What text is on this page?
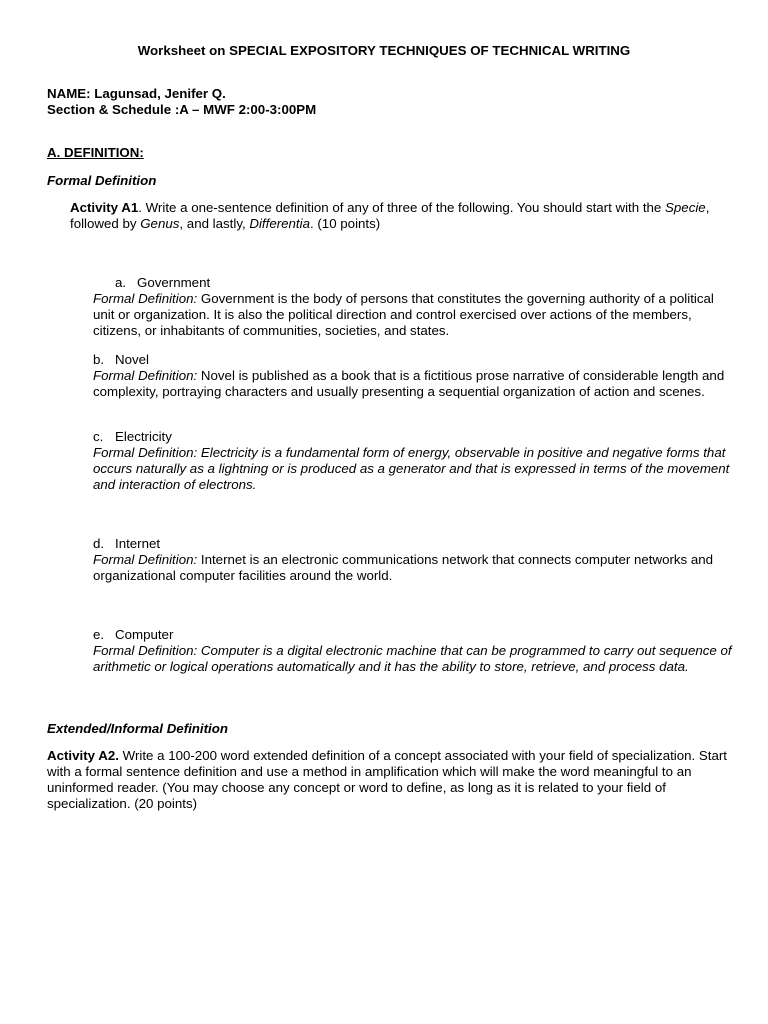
Worksheet on SPECIAL EXPOSITORY TECHNIQUES OF TECHNICAL WRITING
NAME: Lagunsad, Jenifer Q.
Section & Schedule :A – MWF 2:00-3:00PM
A. DEFINITION:
Formal Definition
Activity A1. Write a one-sentence definition of any of three of the following. You should start with the Specie, followed by Genus, and lastly, Differentia. (10 points)
a. Government
Formal Definition: Government is the body of persons that constitutes the governing authority of a political unit or organization. It is also the political direction and control exercised over actions of the members, citizens, or inhabitants of communities, societies, and states.
b. Novel
Formal Definition: Novel is published as a book that is a fictitious prose narrative of considerable length and complexity, portraying characters and usually presenting a sequential organization of action and scenes.
c. Electricity
Formal Definition: Electricity is a fundamental form of energy, observable in positive and negative forms that occurs naturally as a lightning or is produced as a generator and that is expressed in terms of the movement and interaction of electrons.
d. Internet
Formal Definition: Internet is an electronic communications network that connects computer networks and organizational computer facilities around the world.
e. Computer
Formal Definition: Computer is a digital electronic machine that can be programmed to carry out sequence of arithmetic or logical operations automatically and it has the ability to store, retrieve, and process data.
Extended/Informal Definition
Activity A2. Write a 100-200 word extended definition of a concept associated with your field of specialization. Start with a formal sentence definition and use a method in amplification which will make the word meaningful to an uninformed reader. (You may choose any concept or word to define, as long as it is related to your field of specialization. (20 points)
